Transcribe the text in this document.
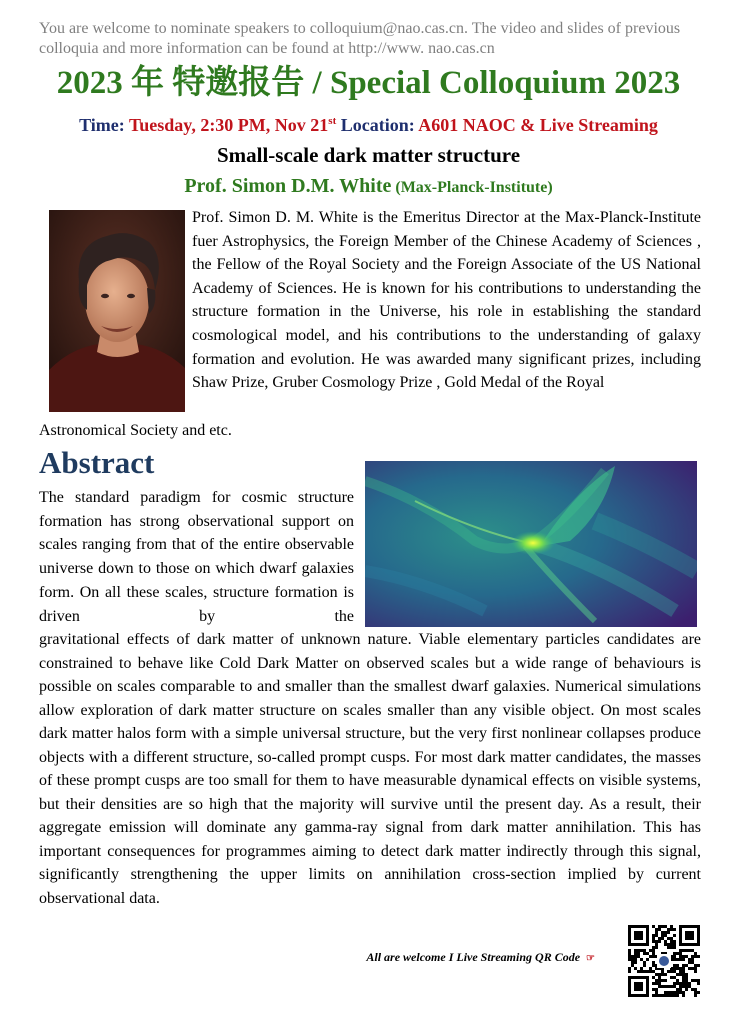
You are welcome to nominate speakers to colloquium@nao.cas.cn. The video and slides of previous colloquia and more information can be found at http://www. nao.cas.cn
2023 年 特邀报告 / Special Colloquium 2023
Time: Tuesday, 2:30 PM, Nov 21st Location: A601 NAOC & Live Streaming
Small-scale dark matter structure
Prof. Simon D.M. White (Max-Planck-Institute)

Prof. Simon D. M. White is the Emeritus Director at the Max-Planck-Institute fuer Astrophysics, the Foreign Member of the Chinese Academy of Sciences , the Fellow of the Royal Society and the Foreign Associate of the US National Academy of Sciences. He is known for his contributions to understanding the structure formation in the Universe, his role in establishing the standard cosmological model, and his contributions to the understanding of galaxy formation and evolution. He was awarded many significant prizes, including Shaw Prize, Gruber Cosmology Prize , Gold Medal of the Royal

Astronomical Society and etc.
Abstract

The standard paradigm for cosmic structure formation has strong observational support on scales ranging from that of the entire observable universe down to those on which dwarf galaxies form. On all these scales, structure formation is driven by the

gravitational effects of dark matter of unknown nature. Viable elementary particles candidates are constrained to behave like Cold Dark Matter on observed scales but a wide range of behaviours is possible on scales comparable to and smaller than the smallest dwarf galaxies. Numerical simulations allow exploration of dark matter structure on scales smaller than any visible object. On most scales dark matter halos form with a simple universal structure, but the very first nonlinear collapses produce objects with a different structure, so-called prompt cusps. For most dark matter candidates, the masses of these prompt cusps are too small for them to have measurable dynamical effects on visible systems, but their densities are so high that the majority will survive until the present day. As a result, their aggregate emission will dominate any gamma-ray signal from dark matter annihilation. This has important consequences for programmes aiming to detect dark matter indirectly through this signal, significantly strengthening the upper limits on annihilation cross-section implied by current observational data.

All are welcome I Live Streaming QR Code ☞
